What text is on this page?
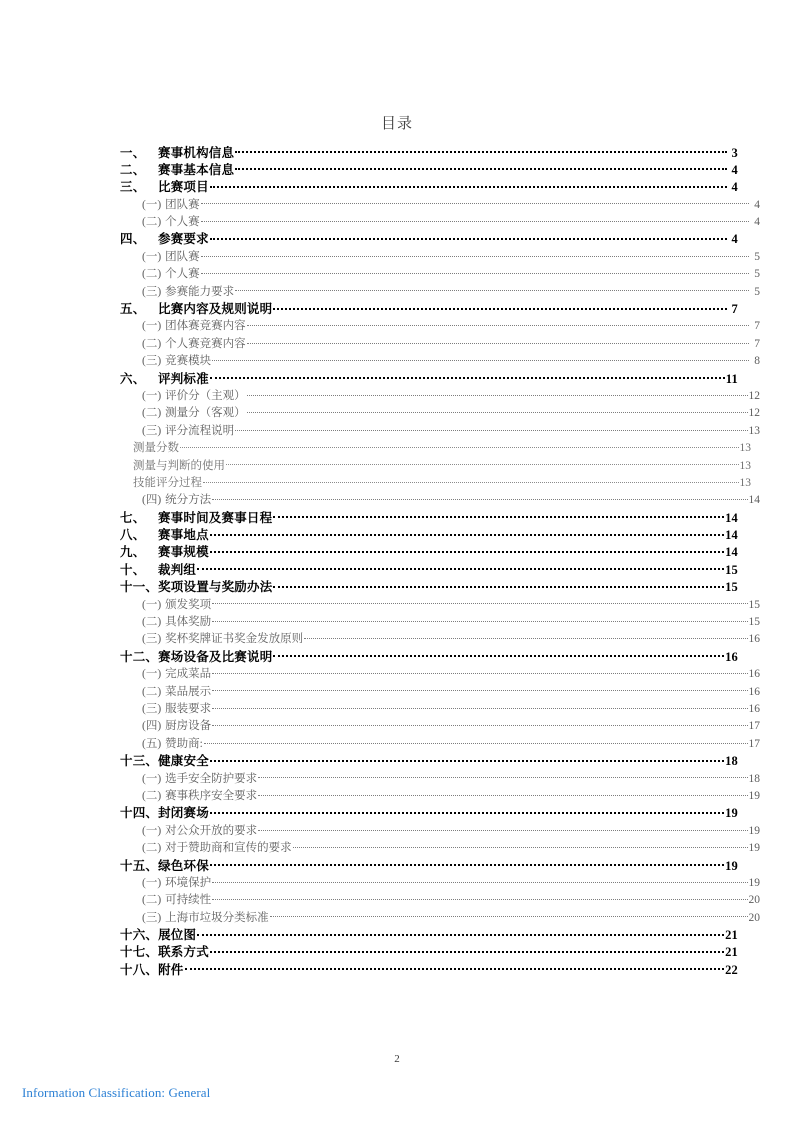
目录
一、 赛事机构信息	3
二、 赛事基本信息	4
三、 比赛项目	4
(一) 团队赛	4
(二) 个人赛	4
四、 参赛要求	4
(一) 团队赛	5
(二) 个人赛	5
(三) 参赛能力要求	5
五、 比赛内容及规则说明	7
(一) 团体赛竞赛内容	7
(二) 个人赛竞赛内容	7
(三) 竞赛模块	8
六、 评判标准	11
(一) 评价分（主观）	12
(二) 测量分（客观）	12
(三) 评分流程说明	13
测量分数	13
测量与判断的使用	13
技能评分过程	13
(四) 统分方法	14
七、 赛事时间及赛事日程	14
八、 赛事地点	14
九、 赛事规模	14
十、 裁判组	15
十一、奖项设置与奖励办法	15
(一) 颁发奖项	15
(二) 具体奖励	15
(三) 奖杯奖牌证书奖金发放原则	16
十二、赛场设备及比赛说明	16
(一) 完成菜品	16
(二) 菜品展示	16
(三) 服装要求	16
(四) 厨房设备	17
(五) 赞助商:	17
十三、健康安全	18
(一) 选手安全防护要求	18
(二) 赛事秩序安全要求	19
十四、封闭赛场	19
(一) 对公众开放的要求	19
(二) 对于赞助商和宣传的要求	19
十五、绿色环保	19
(一) 环境保护	19
(二) 可持续性	20
(三) 上海市垃圾分类标准	20
十六、展位图	21
十七、联系方式	21
十八、附件	22
2
Information Classification: General
